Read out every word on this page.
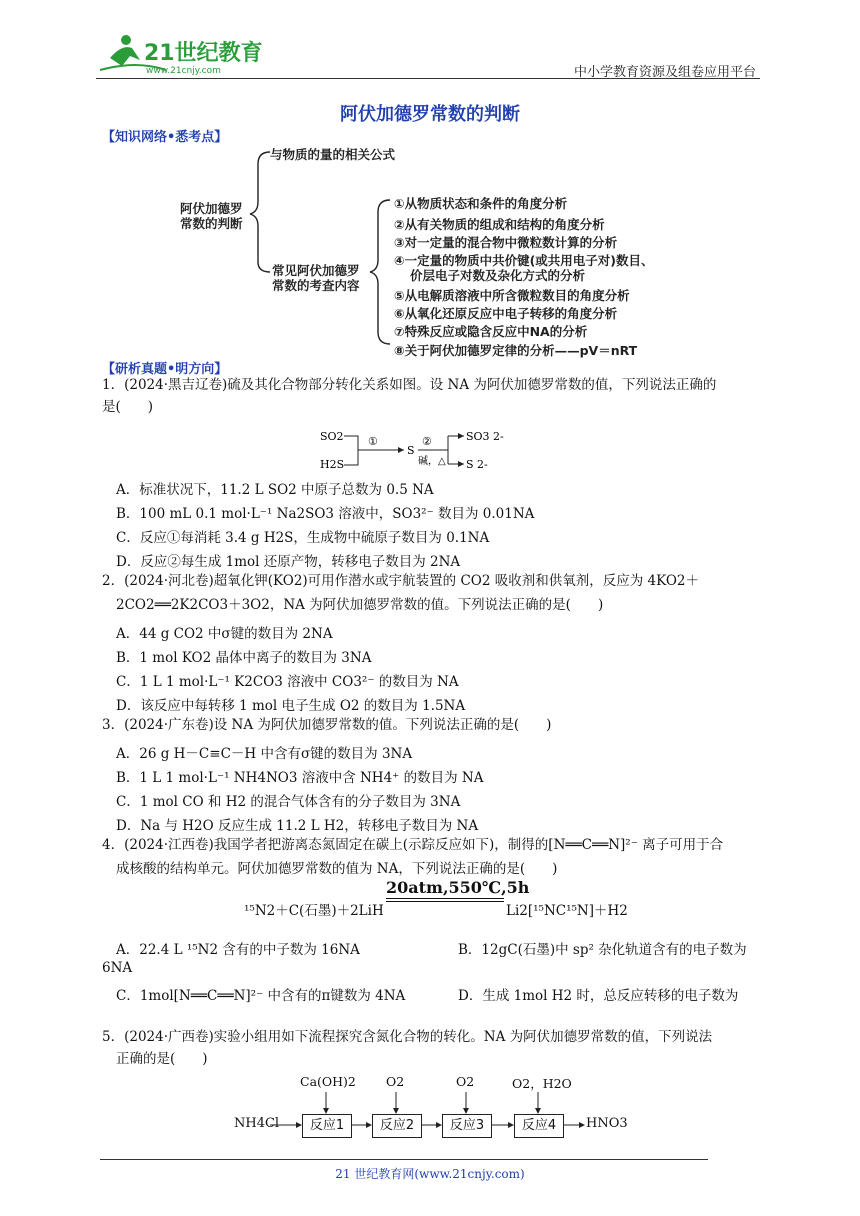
21世纪教育
www.21cnjy.com	中小学教育资源及组卷应用平台
阿伏加德罗常数的判断
【知识网络•悉考点】
阿伏加德罗
常数的判断
与物质的量的相关公式
常见阿伏加德罗
常数的考查内容
①从物质状态和条件的角度分析
②从有关物质的组成和结构的角度分析
③对一定量的混合物中微粒数计算的分析
④一定量的物质中共价键(或共用电子对)数目、
价层电子对数及杂化方式的分析
⑤从电解质溶液中所含微粒数目的角度分析
⑥从氧化还原反应中电子转移的角度分析
⑦特殊反应或隐含反应中NA的分析
⑧关于阿伏加德罗定律的分析——pV＝nRT
【研析真题•明方向】
1．(2024·黑吉辽卷)硫及其化合物部分转化关系如图。设 NA 为阿伏加德罗常数的值，下列说法正确的
是(　　)
SO2
H2S
①
S
②
碱，△
SO3 2-
S 2-
A．标准状况下，11.2 L SO2 中原子总数为 0.5 NA
B．100 mL 0.1 mol·L⁻¹ Na2SO3 溶液中，SO3²⁻ 数目为 0.01NA
C．反应①每消耗 3.4 g H2S，生成物中硫原子数目为 0.1NA
D．反应②每生成 1mol 还原产物，转移电子数目为 2NA
2．(2024·河北卷)超氧化钾(KO2)可用作潜水或宇航装置的 CO2 吸收剂和供氧剂，反应为 4KO2＋
2CO2══2K2CO3＋3O2，NA 为阿伏加德罗常数的值。下列说法正确的是(　　)
A．44 g CO2 中σ键的数目为 2NA
B．1 mol KO2 晶体中离子的数目为 3NA
C．1 L 1 mol·L⁻¹ K2CO3 溶液中 CO3²⁻ 的数目为 NA
D．该反应中每转移 1 mol 电子生成 O2 的数目为 1.5NA
3．(2024·广东卷)设 NA 为阿伏加德罗常数的值。下列说法正确的是(　　)
A．26 g H－C≡C－H 中含有σ键的数目为 3NA
B．1 L 1 mol·L⁻¹ NH4NO3 溶液中含 NH4⁺ 的数目为 NA
C．1 mol CO 和 H2 的混合气体含有的分子数目为 3NA
D．Na 与 H2O 反应生成 11.2 L H2，转移电子数目为 NA
4．(2024·江西卷)我国学者把游离态氮固定在碳上(示踪反应如下)，制得的[N══C══N]²⁻ 离子可用于合
成核酸的结构单元。阿伏加德罗常数的值为 NA，下列说法正确的是(　　)
20atm,550℃,5h
¹⁵N2＋C(石墨)＋2LiH	Li2[¹⁵NC¹⁵N]＋H2
A．22.4 L ¹⁵N2 含有的中子数为 16NA	B．12gC(石墨)中 sp² 杂化轨道含有的电子数为
6NA
C．1mol[N══C══N]²⁻ 中含有的π键数为 4NA	D．生成 1mol H2 时，总反应转移的电子数为
5．(2024·广西卷)实验小组用如下流程探究含氮化合物的转化。NA 为阿伏加德罗常数的值，下列说法
正确的是(　　)
NH4Cl	反应1	反应2	反应3	反应4	HNO3
Ca(OH)2 O2	O2	O2，H2O
21 世纪教育网(www.21cnjy.com)
